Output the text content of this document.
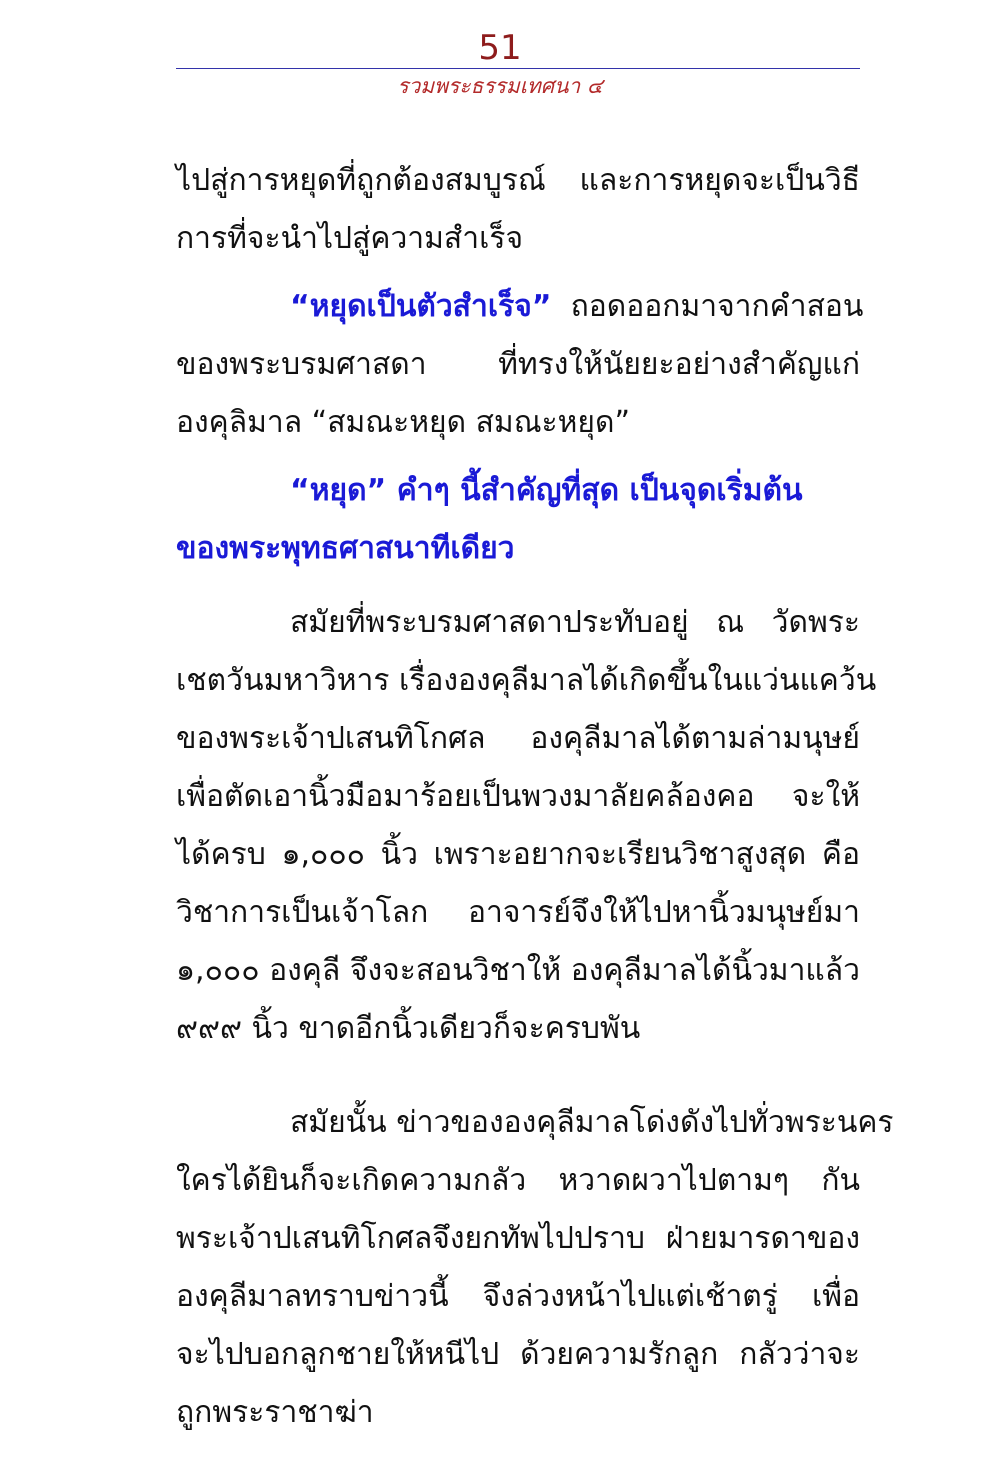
51
รวมพระธรรมเทศนา ๔
ไปสู่การหยุดที่ถูกต้องสมบูรณ์ และการหยุดจะเป็นวิธี
การที่จะนำไปสู่ความสำเร็จ
“หยุดเป็นตัวสำเร็จ” ถอดออกมาจากคำสอน
ของพระบรมศาสดา ที่ทรงให้นัยยะอย่างสำคัญแก่
องคุลิมาล “สมณะหยุด สมณะหยุด”
“หยุด” คำๆ นี้สำคัญที่สุด เป็นจุดเริ่มต้น
ของพระพุทธศาสนาทีเดียว
สมัยที่พระบรมศาสดาประทับอยู่ ณ วัดพระ
เชตวันมหาวิหาร เรื่ององคุลีมาลได้เกิดขึ้นในแว่นแคว้น
ของพระเจ้าปเสนทิโกศล องคุลีมาลได้ตามล่ามนุษย์
เพื่อตัดเอานิ้วมือมาร้อยเป็นพวงมาลัยคล้องคอ จะให้
ได้ครบ ๑,๐๐๐ นิ้ว เพราะอยากจะเรียนวิชาสูงสุด คือ
วิชาการเป็นเจ้าโลก อาจารย์จึงให้ไปหานิ้วมนุษย์มา
๑,๐๐๐ องคุลี จึงจะสอนวิชาให้ องคุลีมาลได้นิ้วมาแล้ว
๙๙๙ นิ้ว ขาดอีกนิ้วเดียวก็จะครบพัน
สมัยนั้น ข่าวขององคุลีมาลโด่งดังไปทั่วพระนคร
ใครได้ยินก็จะเกิดความกลัว หวาดผวาไปตามๆ กัน
พระเจ้าปเสนทิโกศลจึงยกทัพไปปราบ ฝ่ายมารดาของ
องคุลีมาลทราบข่าวนี้ จึงล่วงหน้าไปแต่เช้าตรู่ เพื่อ
จะไปบอกลูกชายให้หนีไป ด้วยความรักลูก กลัวว่าจะ
ถูกพระราชาฆ่า
